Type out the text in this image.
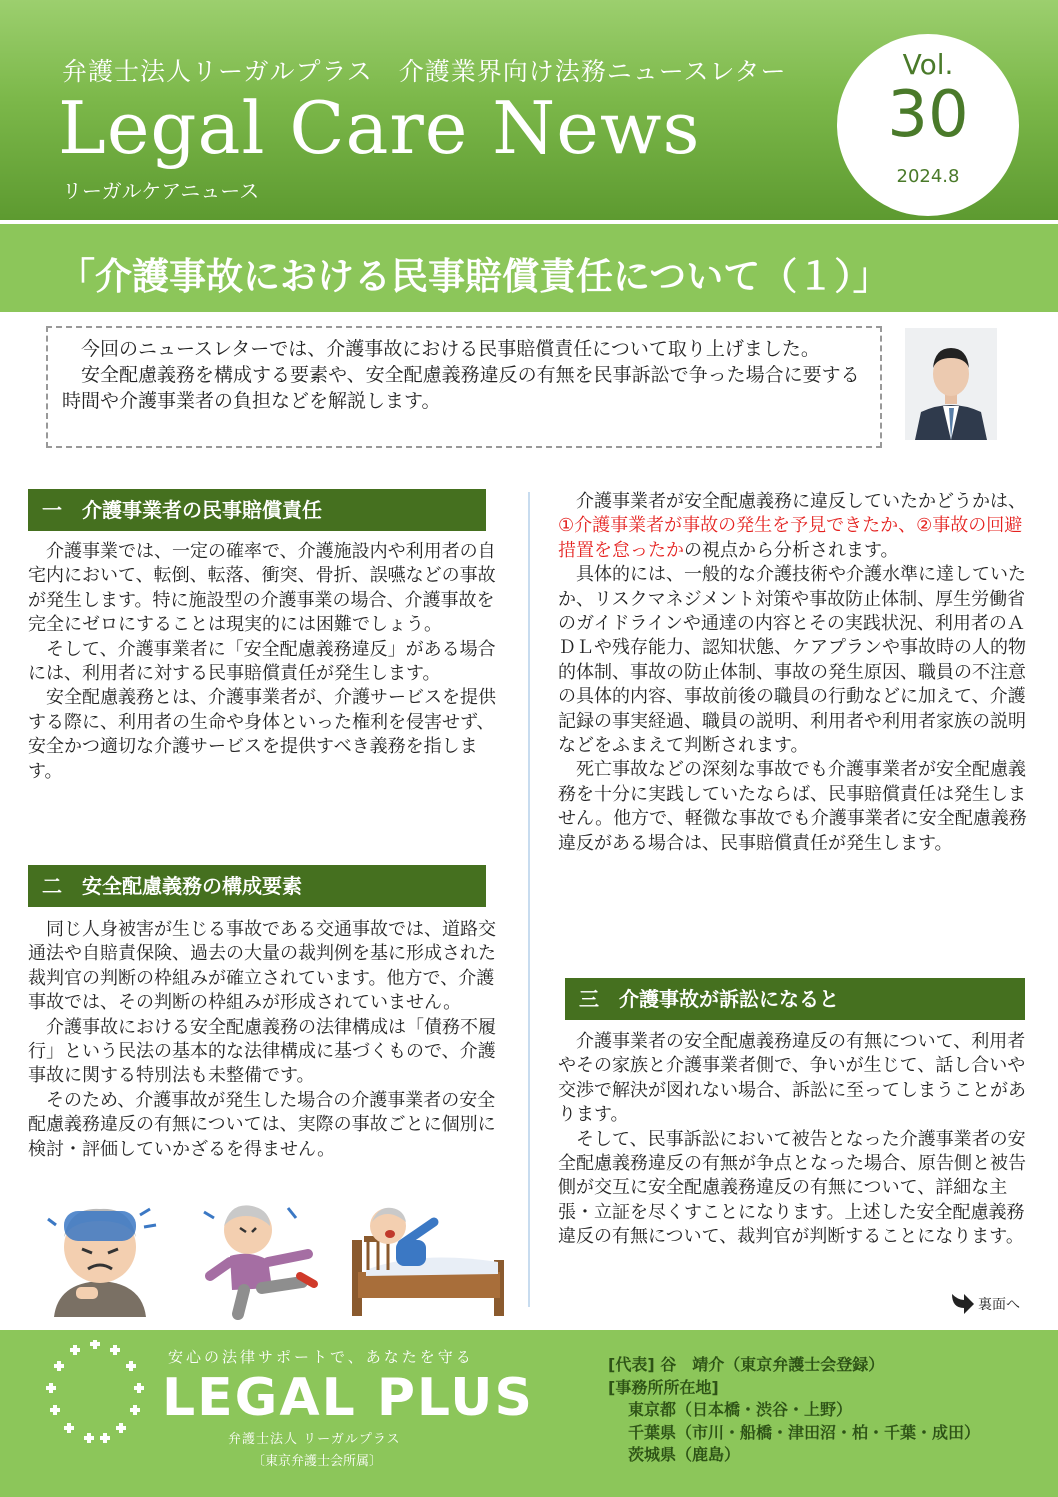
弁護士法人リーガルプラス　介護業界向け法務ニュースレター
Legal Care News
リーガルケアニュース
Vol.
30
2024.8
「介護事故における民事賠償責任について（１）」

今回のニュースレターでは、介護事故における民事賠償責任について取り上げました。

安全配慮義務を構成する要素や、安全配慮義務違反の有無を民事訴訟で争った場合に要する時間や介護事業者の負担などを解説します。

一　介護事業者の民事賠償責任

介護事業では、一定の確率で、介護施設内や利用者の自宅内において、転倒、転落、衝突、骨折、誤嚥などの事故が発生します。特に施設型の介護事業の場合、介護事故を完全にゼロにすることは現実的には困難でしょう。

そして、介護事業者に「安全配慮義務違反」がある場合には、利用者に対する民事賠償責任が発生します。

安全配慮義務とは、介護事業者が、介護サービスを提供する際に、利用者の生命や身体といった権利を侵害せず、安全かつ適切な介護サービスを提供すべき義務を指します。

二　安全配慮義務の構成要素

同じ人身被害が生じる事故である交通事故では、道路交通法や自賠責保険、過去の大量の裁判例を基に形成された裁判官の判断の枠組みが確立されています。他方で、介護事故では、その判断の枠組みが形成されていません。

介護事故における安全配慮義務の法律構成は「債務不履行」という民法の基本的な法律構成に基づくもので、介護事故に関する特別法も未整備です。

そのため、介護事故が発生した場合の介護事業者の安全配慮義務違反の有無については、実際の事故ごとに個別に検討・評価していかざるを得ません。

介護事業者が安全配慮義務に違反していたかどうかは、①介護事業者が事故の発生を予見できたか、②事故の回避措置を怠ったかの視点から分析されます。

具体的には、一般的な介護技術や介護水準に達していたか、リスクマネジメント対策や事故防止体制、厚生労働省のガイドラインや通達の内容とその実践状況、利用者のＡＤＬや残存能力、認知状態、ケアプランや事故時の人的物的体制、事故の防止体制、事故の発生原因、職員の不注意の具体的内容、事故前後の職員の行動などに加えて、介護記録の事実経過、職員の説明、利用者や利用者家族の説明などをふまえて判断されます。

死亡事故などの深刻な事故でも介護事業者が安全配慮義務を十分に実践していたならば、民事賠償責任は発生しません。他方で、軽微な事故でも介護事業者に安全配慮義務違反がある場合は、民事賠償責任が発生します。

三　介護事故が訴訟になると

介護事業者の安全配慮義務違反の有無について、利用者やその家族と介護事業者側で、争いが生じて、話し合いや交渉で解決が図れない場合、訴訟に至ってしまうことがあります。

そして、民事訴訟において被告となった介護事業者の安全配慮義務違反の有無が争点となった場合、原告側と被告側が交互に安全配慮義務違反の有無について、詳細な主張・立証を尽くすことになります。上述した安全配慮義務違反の有無について、裁判官が判断することになります。

裏面へ
安心の法律サポートで、あなたを守る
LEGAL PLUS
弁護士法人 リーガルプラス
〔東京弁護士会所属〕
[代表] 谷　靖介（東京弁護士会登録）
[事務所所在地]
東京都（日本橋・渋谷・上野）
千葉県（市川・船橋・津田沼・柏・千葉・成田）
茨城県（鹿島）
